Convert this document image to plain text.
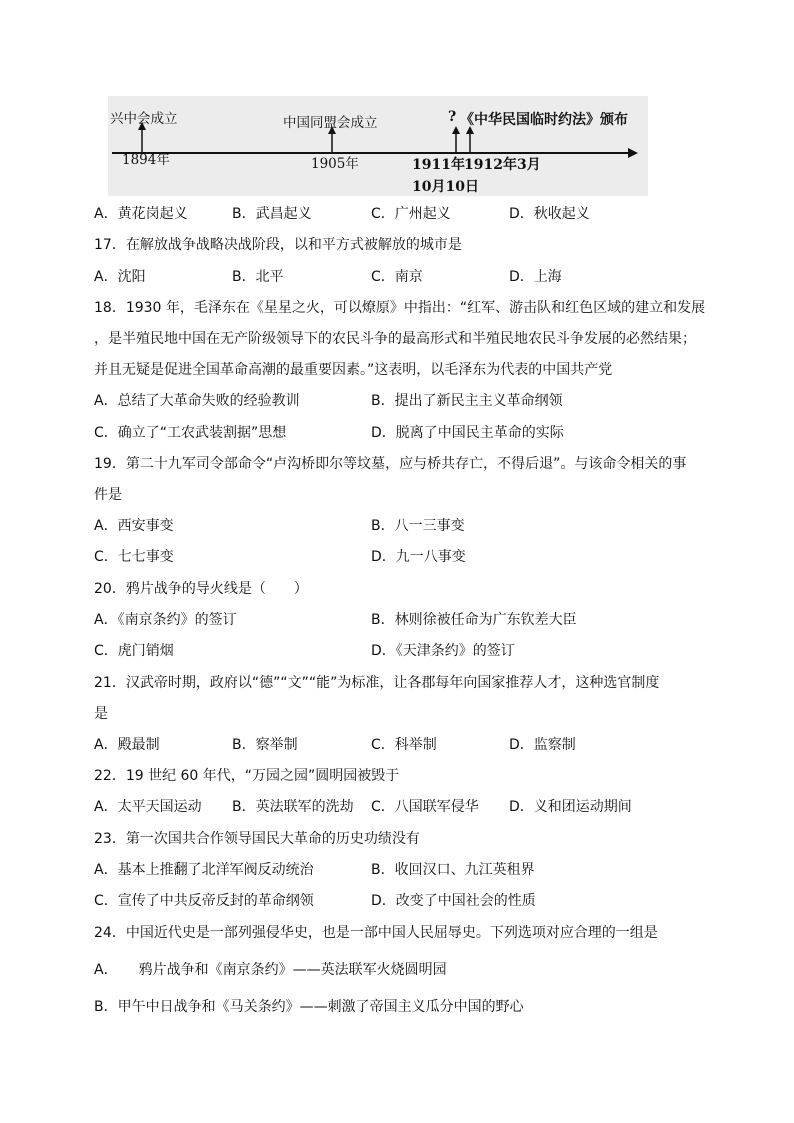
兴中会成立
1894年
中国同盟会成立
1905年
?
1911年
10月10日
《中华民国临时约法》颁布
1912年3月
A．黄花岗起义	B．武昌起义	C．广州起义	D．秋收起义
17．在解放战争战略决战阶段，以和平方式被解放的城市是
A．沈阳	B．北平	C．南京	D．上海
18．1930 年，毛泽东在《星星之火，可以燎原》中指出：“红军、游击队和红色区域的建立和发展
，是半殖民地中国在无产阶级领导下的农民斗争的最高形式和半殖民地农民斗争发展的必然结果；
并且无疑是促进全国革命高潮的最重要因素。”这表明，以毛泽东为代表的中国共产党
A．总结了大革命失败的经验教训	B．提出了新民主主义革命纲领
C．确立了“工农武装割据”思想	D．脱离了中国民主革命的实际
19．第二十九军司令部命令“卢沟桥即尔等坟墓，应与桥共存亡，不得后退”。与该命令相关的事
件是
A．西安事变	B．八一三事变
C．七七事变	D．九一八事变
20．鸦片战争的导火线是（　　）
A．《南京条约》的签订	B．林则徐被任命为广东钦差大臣
C．虎门销烟	D．《天津条约》的签订
21．汉武帝时期，政府以“德”“文”“能”为标准，让各郡每年向国家推荐人才，这种选官制度
是
A．殿最制	B．察举制	C．科举制	D．监察制
22．19 世纪 60 年代，“万园之园”圆明园被毁于
A．太平天国运动 B．英法联军的洗劫 C．八国联军侵华 D．义和团运动期间
23．第一次国共合作领导国民大革命的历史功绩没有
A．基本上推翻了北洋军阀反动统治	B．收回汉口、九江英租界
C．宣传了中共反帝反封的革命纲领	D．改变了中国社会的性质
24．中国近代史是一部列强侵华史，也是一部中国人民屈辱史。下列选项对应合理的一组是
A．　　鸦片战争和《南京条约》——英法联军火烧圆明园
B．甲午中日战争和《马关条约》——刺激了帝国主义瓜分中国的野心
